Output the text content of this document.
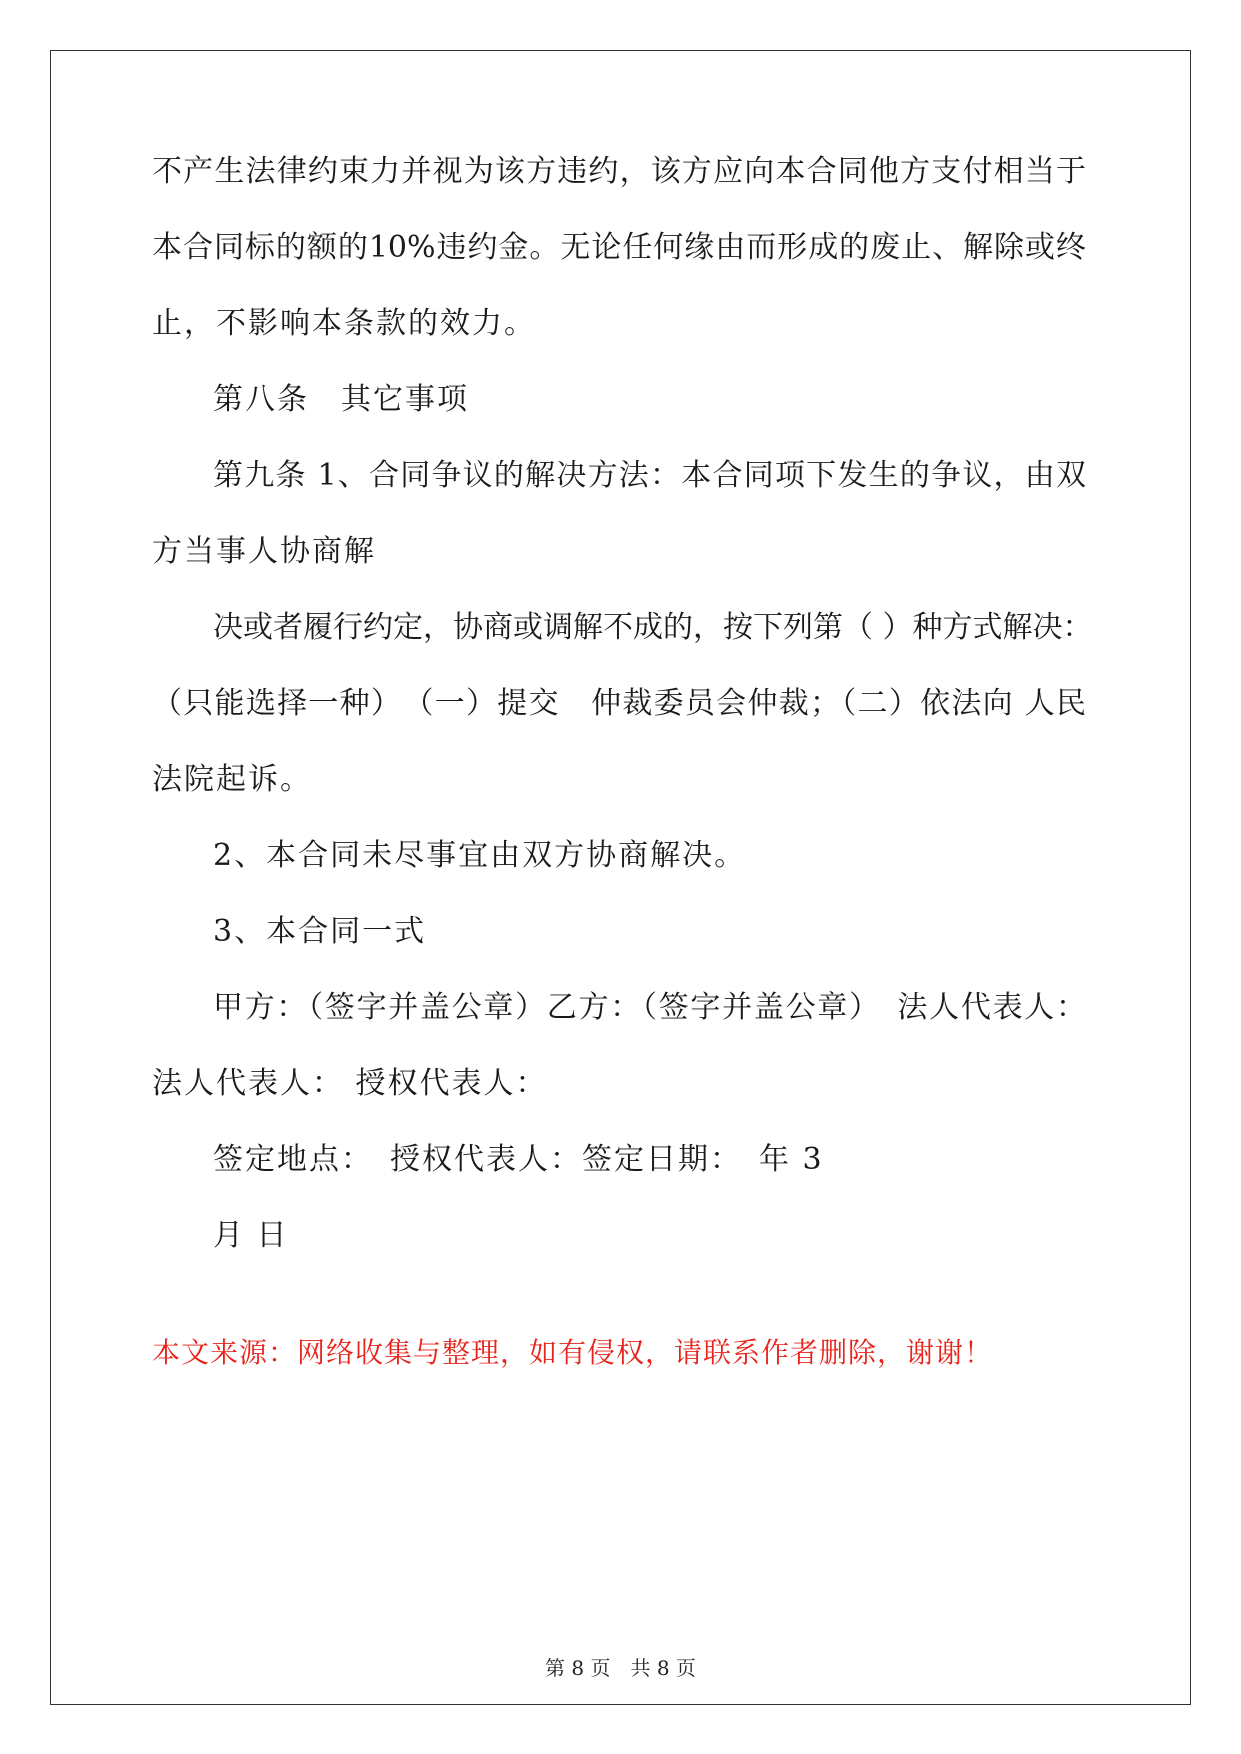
不产生法律约束力并视为该方违约，该方应向本合同他方支付相当于
本合同标的额的10%违约金。无论任何缘由而形成的废止、解除或终
止，不影响本条款的效力。
第八条　其它事项
第九条 1、合同争议的解决方法：本合同项下发生的争议，由双
方当事人协商解
决或者履行约定，协商或调解不成的，按下列第（ ）种方式解决：
（只能选择一种）　（一）提交　仲裁委员会仲裁；（二）依法向 人民
法院起诉。
2、本合同未尽事宜由双方协商解决。
3、本合同一式
甲方：（签字并盖公章）乙方：（签字并盖公章）　法人代表人：
法人代表人： 授权代表人：
签定地点：　授权代表人：签定日期：　年 3
月 日
本文来源：网络收集与整理，如有侵权，请联系作者删除，谢谢！
第 8 页　共 8 页
